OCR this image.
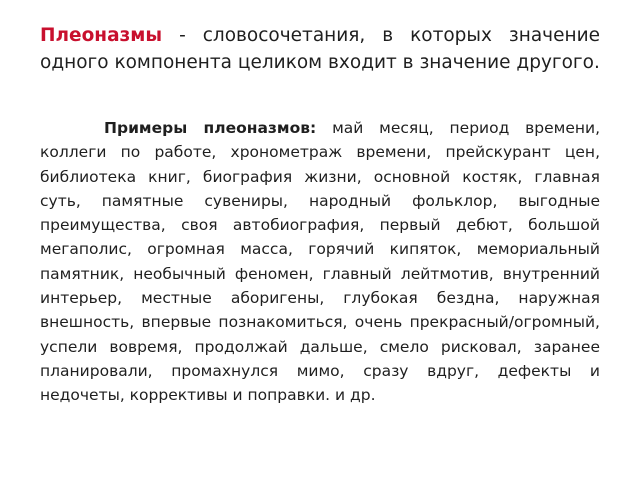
Плеоназмы - словосочетания, в которых значение одного компонента целиком входит в значение другого.

Примеры плеоназмов: май месяц, период времени, коллеги по работе, хронометраж времени, прейскурант цен, библиотека книг, биография жизни, основной костяк, главная суть, памятные сувениры, народный фольклор, выгодные преимущества, своя автобиография, первый дебют, большой мегаполис, огромная масса, горячий кипяток, мемориальный памятник, необычный феномен, главный лейтмотив, внутренний интерьер, местные аборигены, глубокая бездна, наружная внешность, впервые познакомиться, очень прекрасный/огромный, успели вовремя, продолжай дальше, смело рисковал, заранее планировали, промахнулся мимо, сразу вдруг, дефекты и недочеты, коррективы и поправки. и др.
